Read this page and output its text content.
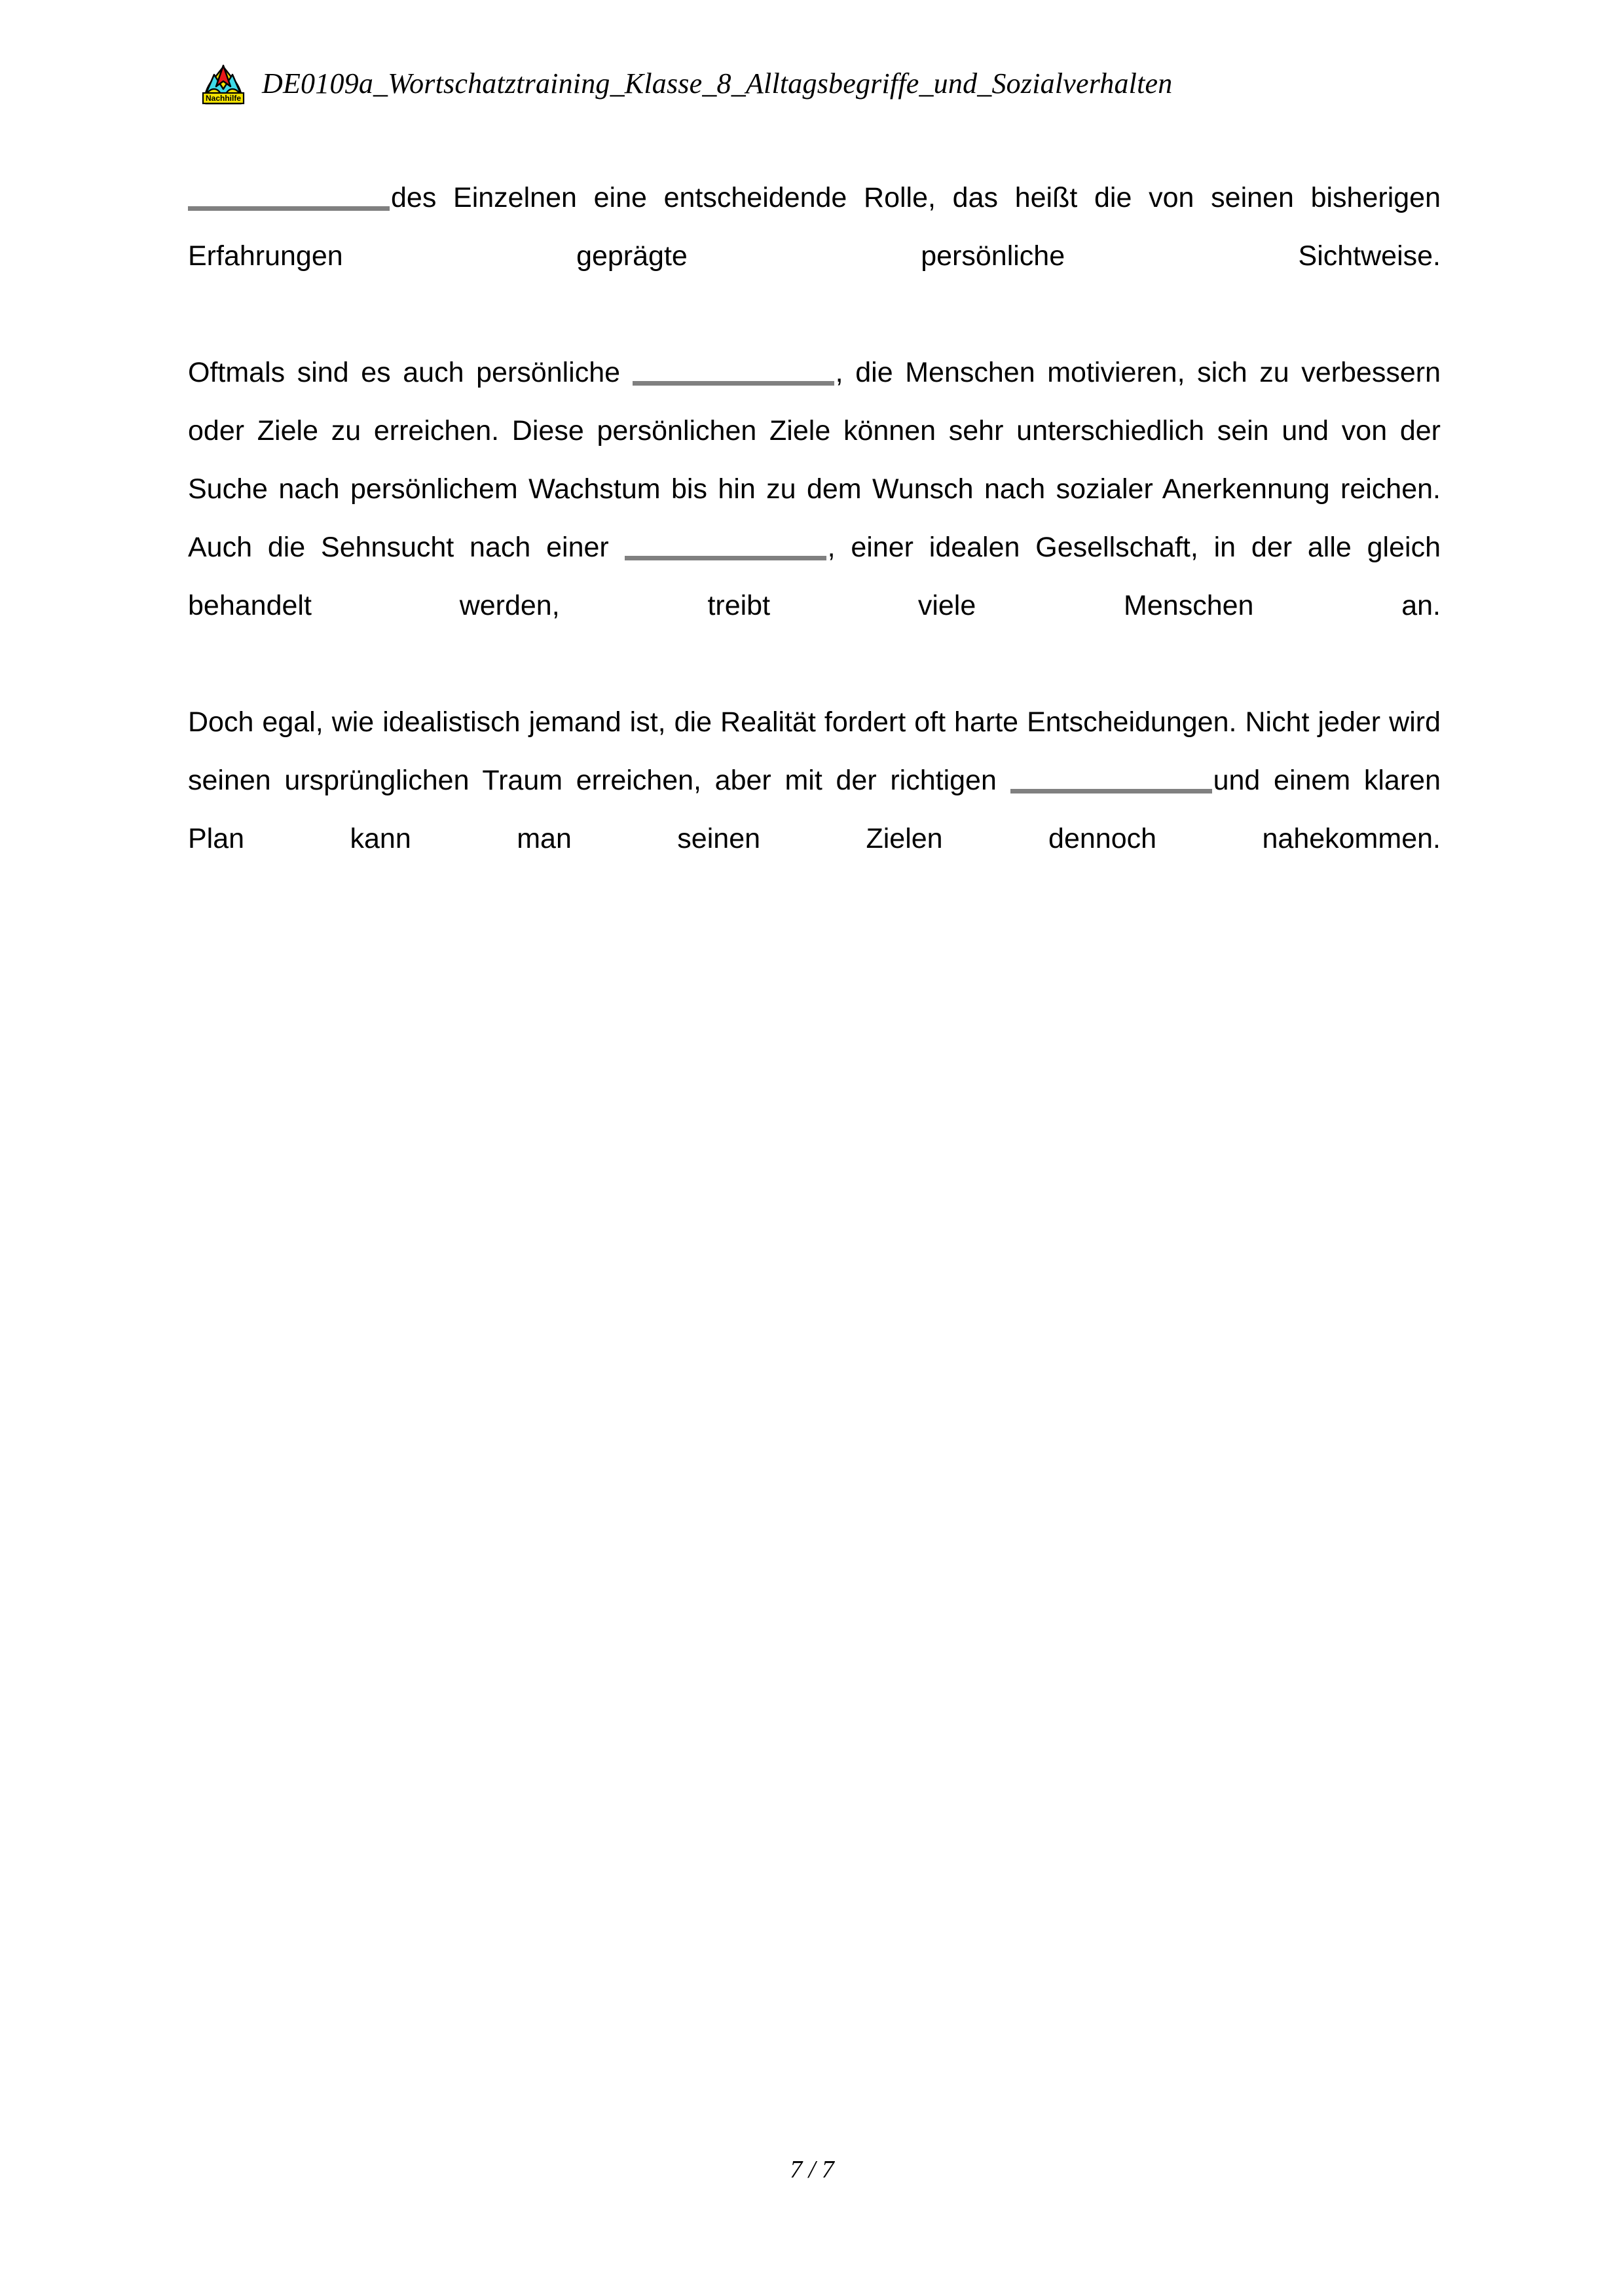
Nachhilfe DE0109a_Wortschatztraining_Klasse_8_Alltagsbegriffe_und_Sozialverhalten

des Einzelnen eine entscheidende Rolle, das heißt die von seinen bisherigen Erfahrungen geprägte persönliche Sichtweise.

Oftmals sind es auch persönliche	, die Menschen motivieren, sich zu verbessern oder Ziele zu erreichen. Diese persönlichen Ziele können sehr unterschiedlich sein und von der Suche nach persönlichem Wachstum bis hin zu dem Wunsch nach sozialer Anerkennung reichen. Auch die Sehnsucht nach einer	, einer idealen Gesellschaft, in der alle gleich behandelt	werden, treibt viele Menschen an.

Doch egal, wie idealistisch jemand ist, die Realität fordert oft harte Entscheidungen. Nicht jeder wird seinen ursprünglichen Traum erreichen, aber mit der richtigen	und einem klaren Plan kann man seinen Zielen dennoch	nahekommen.

7 / 7
